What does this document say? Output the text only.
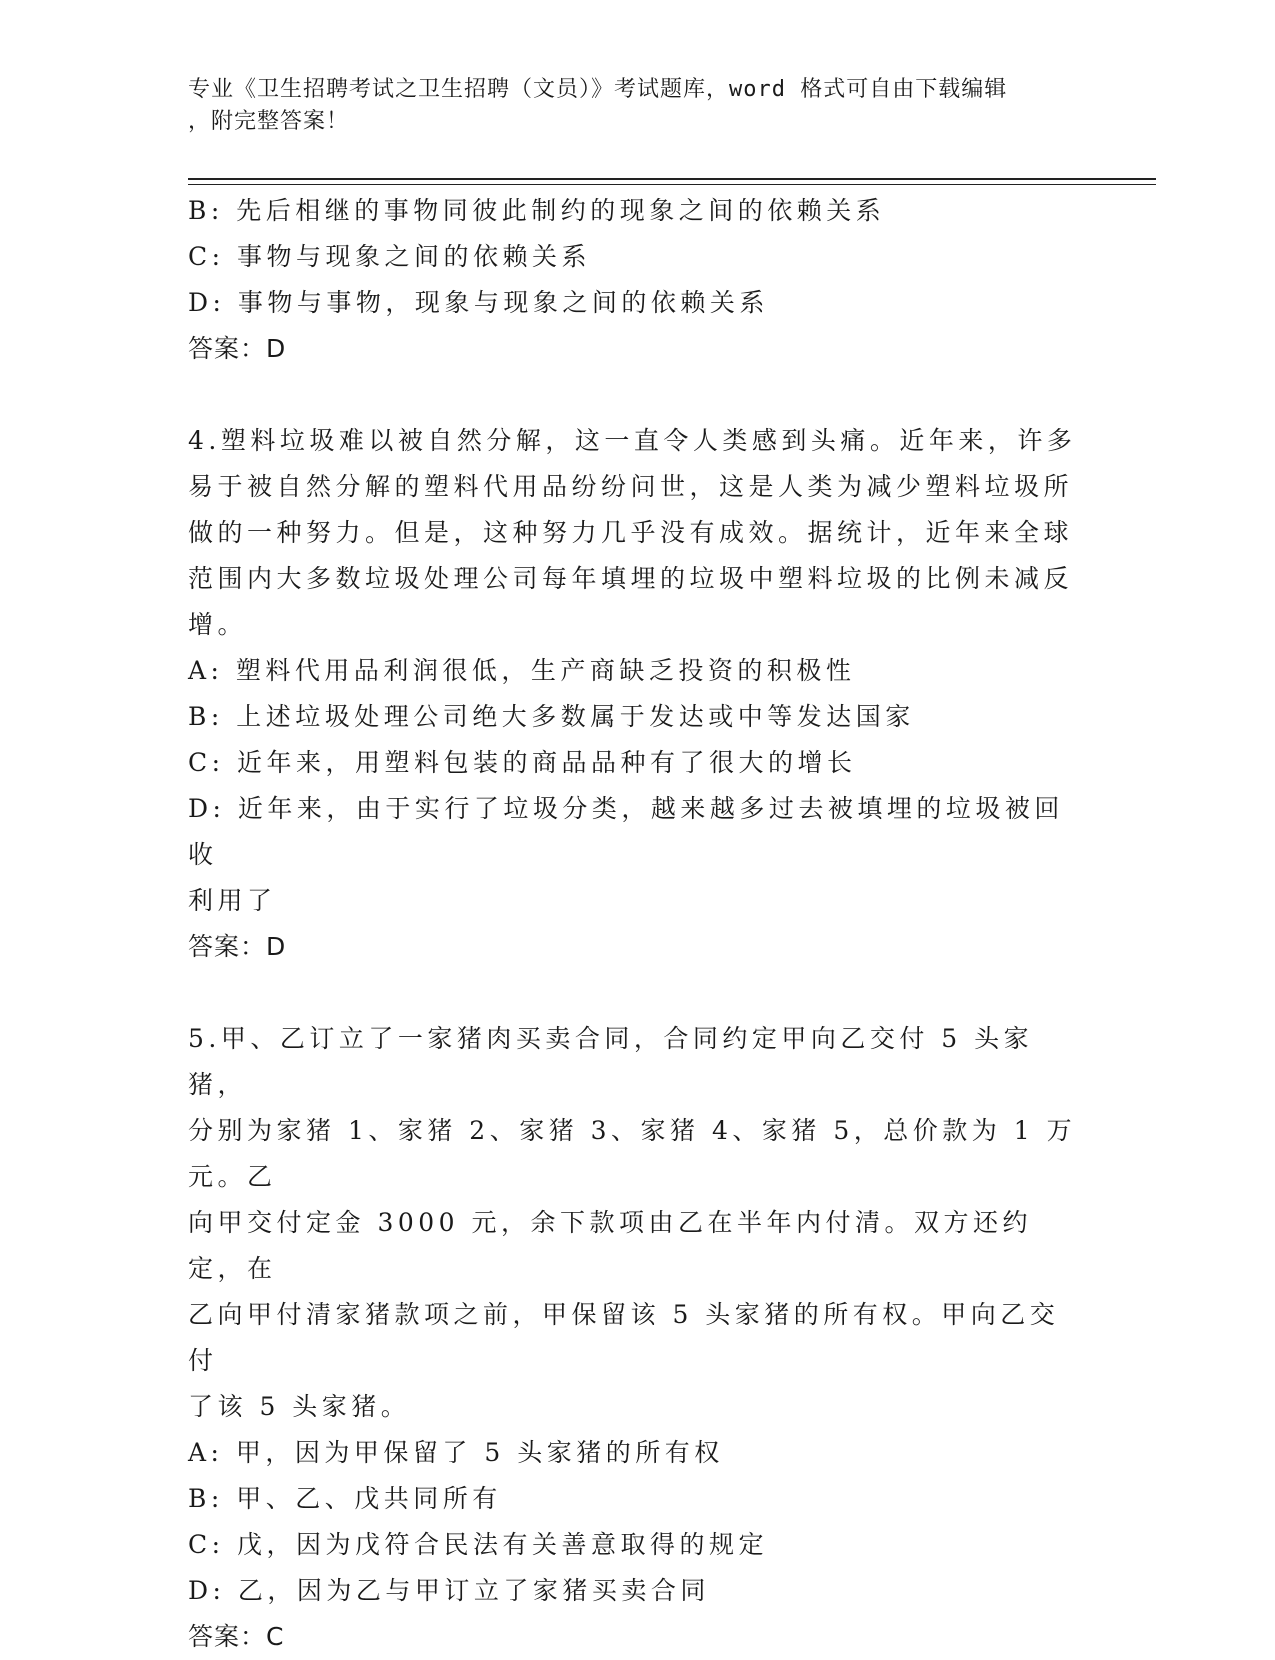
专业《卫生招聘考试之卫生招聘（文员）》考试题库，word 格式可自由下载编辑
，附完整答案！

B: 先后相继的事物同彼此制约的现象之间的依赖关系

C: 事物与现象之间的依赖关系

D: 事物与事物，现象与现象之间的依赖关系

答案：D

4.塑料垃圾难以被自然分解，这一直令人类感到头痛。近年来，许多

易于被自然分解的塑料代用品纷纷问世，这是人类为减少塑料垃圾所

做的一种努力。但是，这种努力几乎没有成效。据统计，近年来全球

范围内大多数垃圾处理公司每年填埋的垃圾中塑料垃圾的比例未减反

增。

A: 塑料代用品利润很低，生产商缺乏投资的积极性

B: 上述垃圾处理公司绝大多数属于发达或中等发达国家

C: 近年来，用塑料包装的商品品种有了很大的增长

D: 近年来，由于实行了垃圾分类，越来越多过去被填埋的垃圾被回收

利用了

答案：D

5.甲、乙订立了一家猪肉买卖合同，合同约定甲向乙交付 5 头家猪，

分别为家猪 1、家猪 2、家猪 3、家猪 4、家猪 5，总价款为 1 万元。乙

向甲交付定金 3000 元，余下款项由乙在半年内付清。双方还约定，在

乙向甲付清家猪款项之前，甲保留该 5 头家猪的所有权。甲向乙交付

了该 5 头家猪。

A: 甲，因为甲保留了 5 头家猪的所有权

B: 甲、乙、戊共同所有

C: 戊，因为戊符合民法有关善意取得的规定

D: 乙，因为乙与甲订立了家猪买卖合同

答案：C
